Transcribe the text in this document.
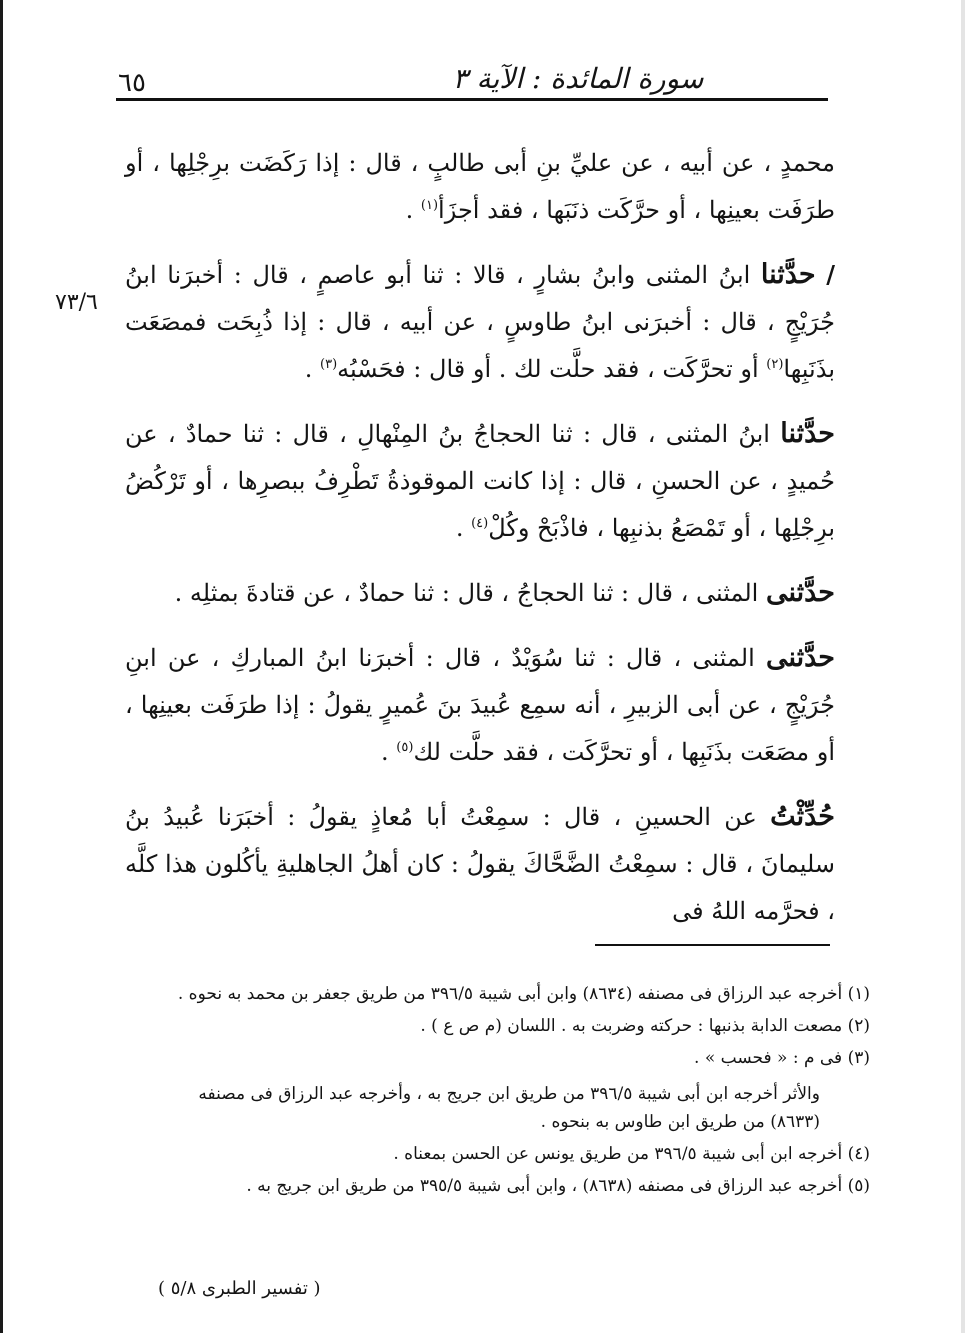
٦٥	سورة المائدة : الآية ٣
٧٣/٦

محمدٍ ، عن أبيه ، عن عليِّ بنِ أبى طالبٍ ، قال : إذا رَكَضَت برِجْلِها ، أو طرَفَت بعينِها ، أو حرَّكَت ذنَبَها ، فقد أجزَأ$^{(١)}$ .

/ حدَّثنا ابنُ المثنى وابنُ بشارٍ ، قالا : ثنا أبو عاصمٍ ، قال : أخبرَنا ابنُ جُرَيْجٍ ، قال : أخبرَنى ابنُ طاوسٍ ، عن أبيه ، قال : إذا ذُبِحَت فمصَعَت بذَنَبِها$^{(٢)}$ أو تحرَّكَت ، فقد حلَّت لك . أو قال : فحَسْبُه$^{(٣)}$ .

حدَّثنا ابنُ المثنى ، قال : ثنا الحجاجُ بنُ المِنْهالِ ، قال : ثنا حمادٌ ، عن حُميدٍ ، عن الحسنِ ، قال : إذا كانت الموقوذةُ تَطْرِفُ ببصرِها ، أو تَرْكُضُ برِجْلِها ، أو تَمْصَعُ بذنبِها ، فاذْبَحْ وكُلْ$^{(٤)}$ .

حدَّثنى المثنى ، قال : ثنا الحجاجُ ، قال : ثنا حمادٌ ، عن قتادةَ بمثلِه .

حدَّثنى المثنى ، قال : ثنا سُوَيْدٌ ، قال : أخبرَنا ابنُ المباركِ ، عن ابنِ جُرَيْجٍ ، عن أبى الزبيرِ ، أنه سمِع عُبيدَ بنَ عُميرٍ يقولُ : إذا طرَفَت بعينِها ، أو مصَعَت بذَنَبِها ، أو تحرَّكَت ، فقد حلَّت لك$^{(٥)}$ .

حُدِّثْتُ عن الحسينِ ، قال : سمِعْتُ أبا مُعاذٍ يقولُ : أخبَرَنا عُبيدُ بنُ سليمانَ ، قال : سمِعْتُ الضَّحَّاكَ يقولُ : كان أهلُ الجاهليةِ يأكُلون هذا كلَّه ، فحرَّمه اللهُ فى

(١) أخرجه عبد الرزاق فى مصنفه (٨٦٣٤) وابن أبى شيبة ٣٩٦/٥ من طريق جعفر بن محمد به نحوه .
(٢) مصعت الدابة بذنبها : حركته وضربت به . اللسان (م ص ع ) .
(٣) فى م : « فحسب » .
والأثر أخرجه ابن أبى شيبة ٣٩٦/٥ من طريق ابن جريج به ، وأخرجه عبد الرزاق فى مصنفه (٨٦٣٣) من طريق ابن طاوس به بنحوه .
(٤) أخرجه ابن أبى شيبة ٣٩٦/٥ من طريق يونس عن الحسن بمعناه .
(٥) أخرجه عبد الرزاق فى مصنفه (٨٦٣٨) ، وابن أبى شيبة ٣٩٥/٥ من طريق ابن جريج به .
( تفسير الطبرى ٥/٨ )
